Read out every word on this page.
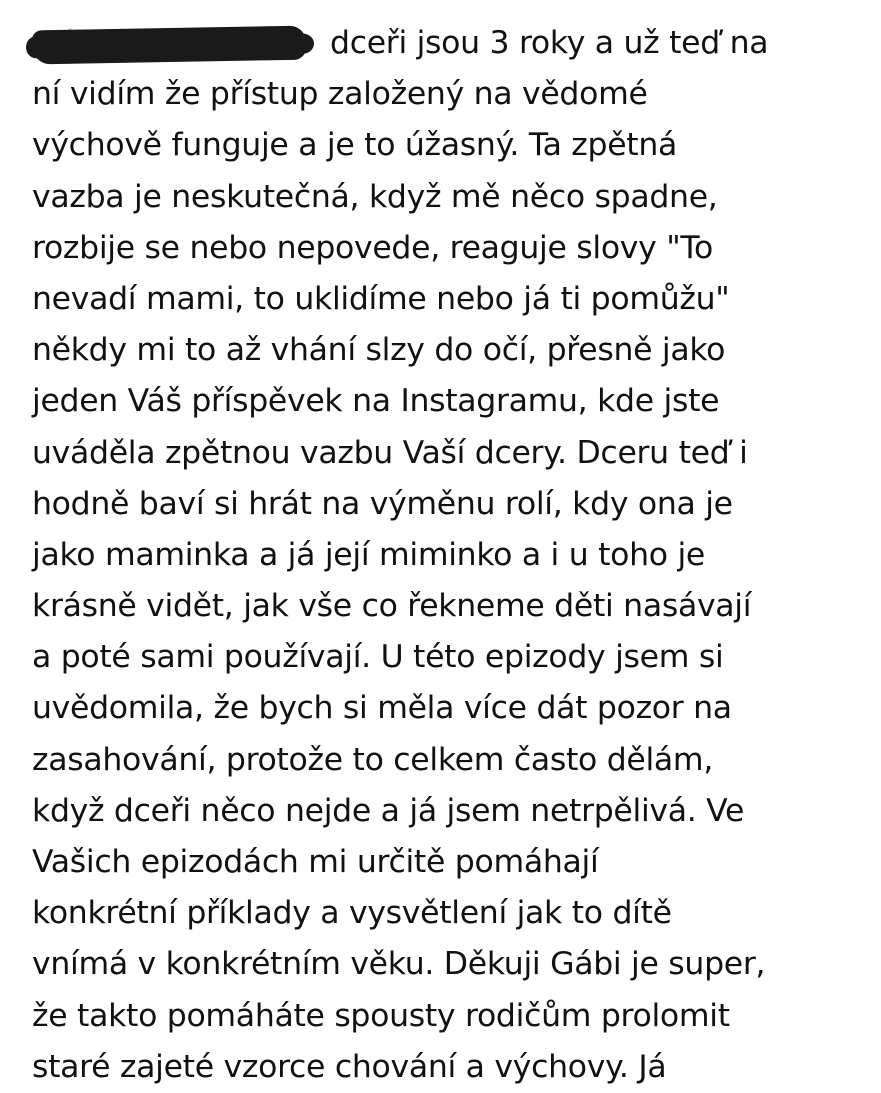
dceři jsou 3 roky a už teď na
ní vidím že přístup založený na vědomé
výchově funguje a je to úžasný. Ta zpětná
vazba je neskutečná, když mě něco spadne,
rozbije se nebo nepovede, reaguje slovy "To
nevadí mami, to uklidíme nebo já ti pomůžu"
někdy mi to až vhání slzy do očí, přesně jako
jeden Váš příspěvek na Instagramu, kde jste
uváděla zpětnou vazbu Vaší dcery. Dceru teď i
hodně baví si hrát na výměnu rolí, kdy ona je
jako maminka a já její miminko a i u toho je
krásně vidět, jak vše co řekneme děti nasávají
a poté sami používají. U této epizody jsem si
uvědomila, že bych si měla více dát pozor na
zasahování, protože to celkem často dělám,
když dceři něco nejde a já jsem netrpělivá. Ve
Vašich epizodách mi určitě pomáhají
konkrétní příklady a vysvětlení jak to dítě
vnímá v konkrétním věku. Děkuji Gábi je super,
že takto pomáháte spousty rodičům prolomit
staré zajeté vzorce chování a výchovy. Já
